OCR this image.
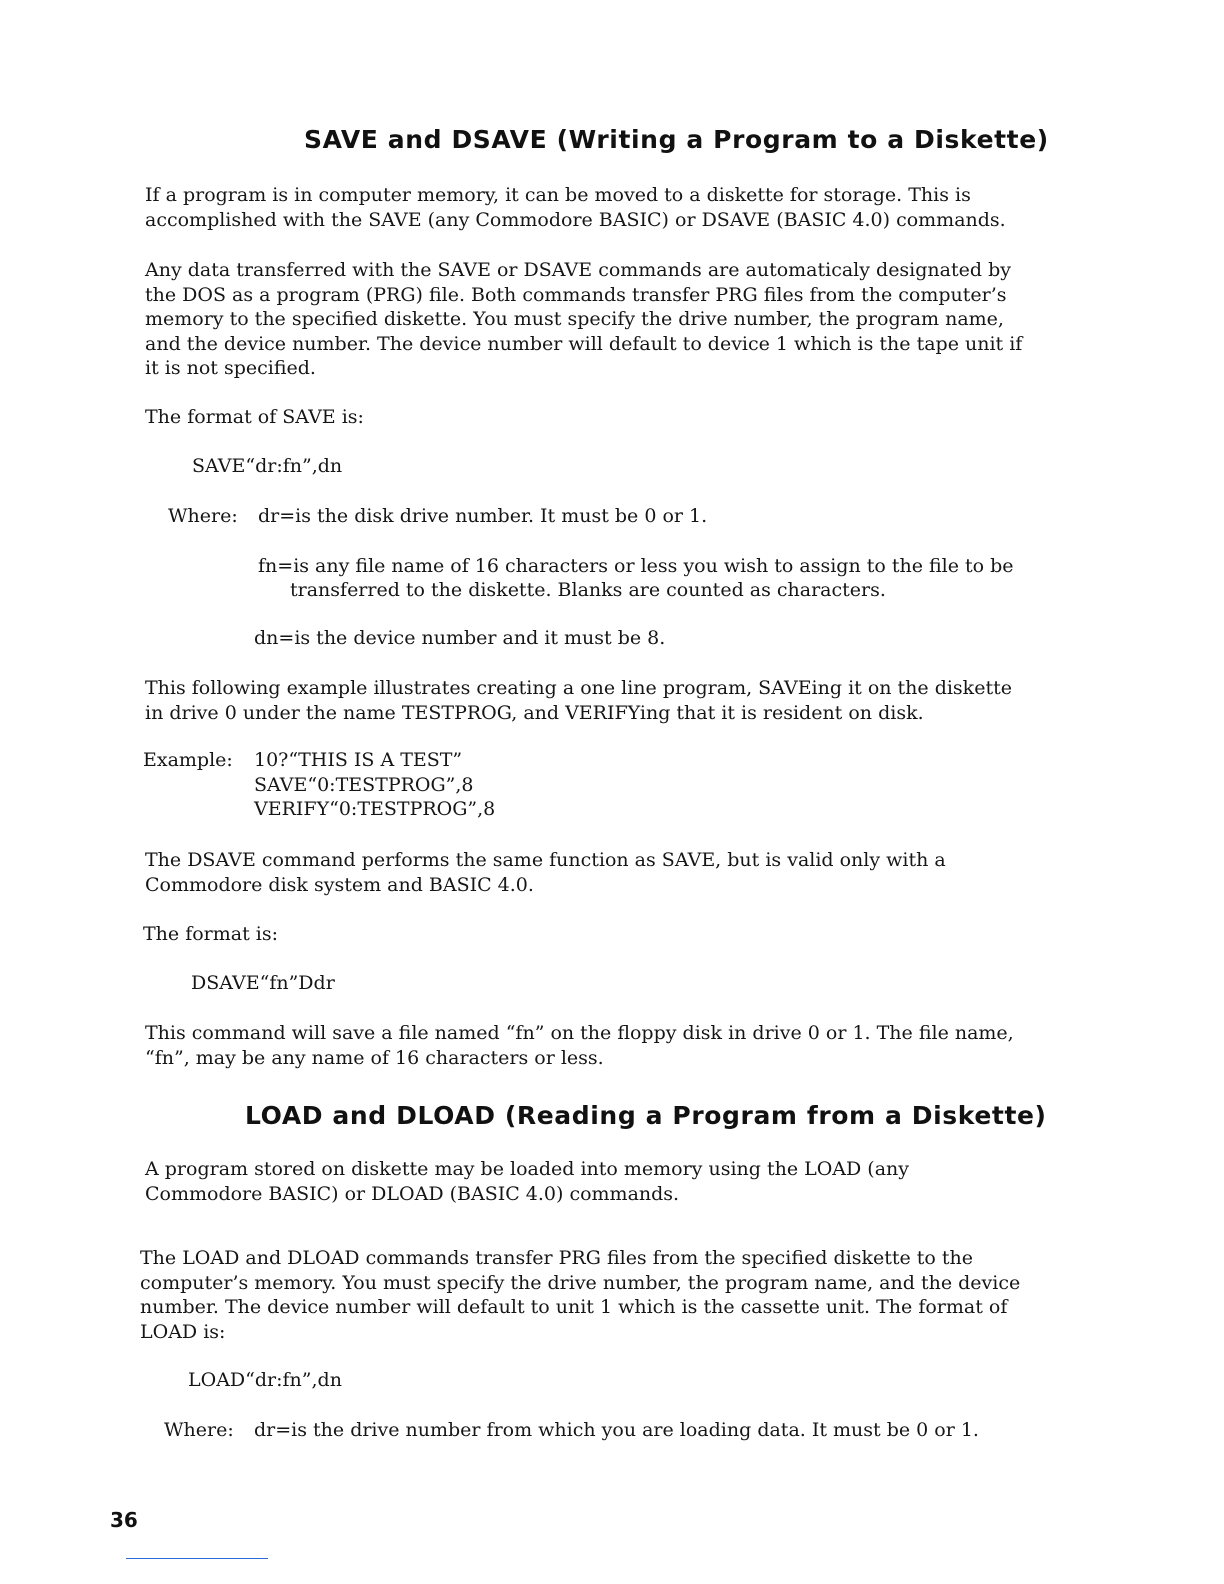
SAVE and DSAVE (Writing a Program to a Diskette)

If a program is in computer memory, it can be moved to a diskette for storage. This is accomplished with the SAVE (any Commodore BASIC) or DSAVE (BASIC 4.0) commands.

Any data transferred with the SAVE or DSAVE commands are automaticaly designated by the DOS as a program (PRG) file. Both commands transfer PRG files from the computer’s memory to the specified diskette. You must specify the drive number, the program name, and the device number. The device number will default to device 1 which is the tape unit if it is not specified.

The format of SAVE is:

SAVE“dr:fn”,dn

Where: dr=is the disk drive number. It must be 0 or 1.

fn=is any file name of 16 characters or less you wish to assign to the file to be

transferred to the diskette. Blanks are counted as characters.

dn=is the device number and it must be 8.

This following example illustrates creating a one line program, SAVEing it on the diskette in drive 0 under the name TESTPROG, and VERIFYing that it is resident on disk.

Example: 10?“THIS IS A TEST”

SAVE“0:TESTPROG”,8

VERIFY“0:TESTPROG”,8

The DSAVE command performs the same function as SAVE, but is valid only with a Commodore disk system and BASIC 4.0.

The format is:

DSAVE“fn”Ddr

This command will save a file named “fn” on the floppy disk in drive 0 or 1. The file name, “fn”, may be any name of 16 characters or less.

LOAD and DLOAD (Reading a Program from a Diskette)

A program stored on diskette may be loaded into memory using the LOAD (any Commodore BASIC) or DLOAD (BASIC 4.0) commands.

The LOAD and DLOAD commands transfer PRG files from the specified diskette to the computer’s memory. You must specify the drive number, the program name, and the device number. The device number will default to unit 1 which is the cassette unit. The format of LOAD is:

LOAD“dr:fn”,dn

Where: dr=is the drive number from which you are loading data. It must be 0 or 1.

36
